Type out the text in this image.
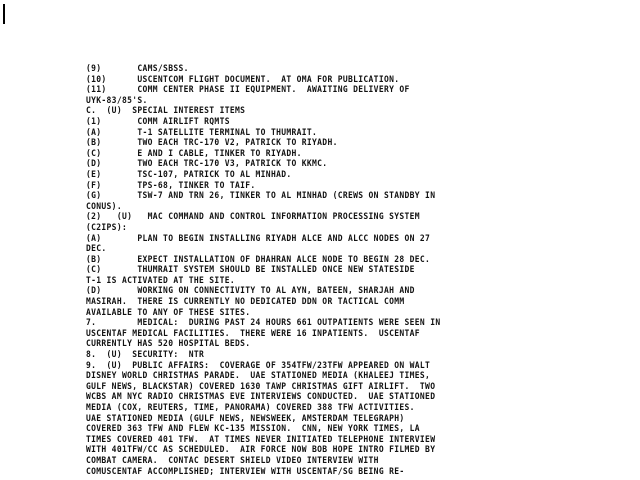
(9)       CAMS/SBSS.
(10)      USCENTCOM FLIGHT DOCUMENT.  AT OMA FOR PUBLICATION.
(11)      COMM CENTER PHASE II EQUIPMENT.  AWAITING DELIVERY OF
UYK-83/85'S.
C.  (U)  SPECIAL INTEREST ITEMS
(1)       COMM AIRLIFT RQMTS
(A)       T-1 SATELLITE TERMINAL TO THUMRAIT.
(B)       TWO EACH TRC-170 V2, PATRICK TO RIYADH.
(C)       E AND I CABLE, TINKER TO RIYADH.
(D)       TWO EACH TRC-170 V3, PATRICK TO KKMC.
(E)       TSC-107, PATRICK TO AL MINHAD.
(F)       TPS-68, TINKER TO TAIF.
(G)       TSW-7 AND TRN 26, TINKER TO AL MINHAD (CREWS ON STANDBY IN
CONUS).
(2)   (U)   MAC COMMAND AND CONTROL INFORMATION PROCESSING SYSTEM
(C2IPS):
(A)       PLAN TO BEGIN INSTALLING RIYADH ALCE AND ALCC NODES ON 27
DEC.
(B)       EXPECT INSTALLATION OF DHAHRAN ALCE NODE TO BEGIN 28 DEC.
(C)       THUMRAIT SYSTEM SHOULD BE INSTALLED ONCE NEW STATESIDE
T-1 IS ACTIVATED AT THE SITE.
(D)       WORKING ON CONNECTIVITY TO AL AYN, BATEEN, SHARJAH AND
MASIRAH.  THERE IS CURRENTLY NO DEDICATED DDN OR TACTICAL COMM
AVAILABLE TO ANY OF THESE SITES.
7.        MEDICAL:  DURING PAST 24 HOURS 661 OUTPATIENTS WERE SEEN IN
USCENTAF MEDICAL FACILITIES.  THERE WERE 16 INPATIENTS.  USCENTAF
CURRENTLY HAS 520 HOSPITAL BEDS.
8.  (U)  SECURITY:  NTR
9.  (U)  PUBLIC AFFAIRS:  COVERAGE OF 354TFW/23TFW APPEARED ON WALT
DISNEY WORLD CHRISTMAS PARADE.  UAE STATIONED MEDIA (KHALEEJ TIMES,
GULF NEWS, BLACKSTAR) COVERED 1630 TAWP CHRISTMAS GIFT AIRLIFT.  TWO
WCBS AM NYC RADIO CHRISTMAS EVE INTERVIEWS CONDUCTED.  UAE STATIONED
MEDIA (COX, REUTERS, TIME, PANORAMA) COVERED 388 TFW ACTIVITIES.
UAE STATIONED MEDIA (GULF NEWS, NEWSWEEK, AMSTERDAM TELEGRAPH)
COVERED 363 TFW AND FLEW KC-135 MISSION.  CNN, NEW YORK TIMES, LA
TIMES COVERED 401 TFW.  AT TIMES NEVER INITIATED TELEPHONE INTERVIEW
WITH 401TFW/CC AS SCHEDULED.  AIR FORCE NOW BOB HOPE INTRO FILMED BY
COMBAT CAMERA.  CONTAC DESERT SHIELD VIDEO INTERVIEW WITH
COMUSCENTAF ACCOMPLISHED; INTERVIEW WITH USCENTAF/SG BEING RE-
